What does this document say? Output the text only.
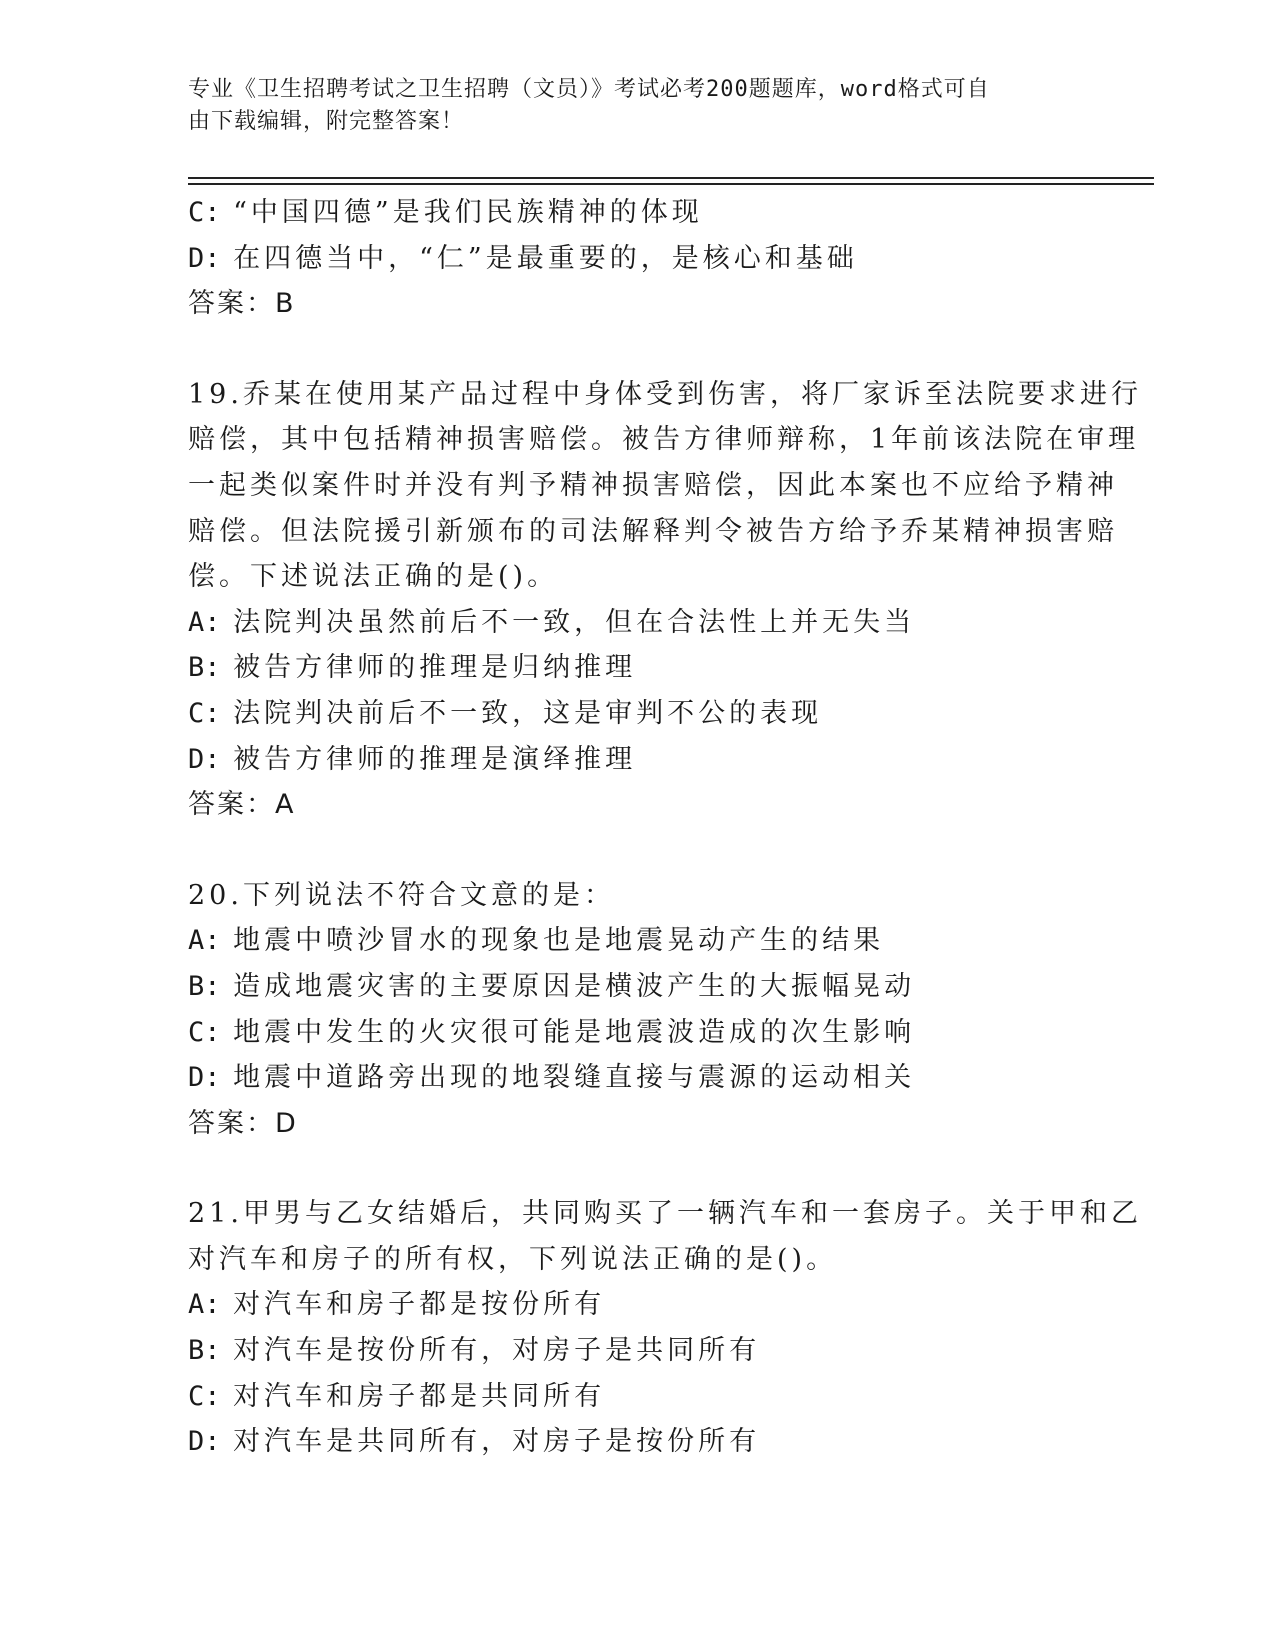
专业《卫生招聘考试之卫生招聘（文员）》考试必考200题题库，word格式可自
由下载编辑，附完整答案！
C: “中国四德”是我们民族精神的体现
D: 在四德当中，“仁”是最重要的，是核心和基础
答案：B
19.乔某在使用某产品过程中身体受到伤害，将厂家诉至法院要求进行
赔偿，其中包括精神损害赔偿。被告方律师辩称，1年前该法院在审理
一起类似案件时并没有判予精神损害赔偿，因此本案也不应给予精神
赔偿。但法院援引新颁布的司法解释判令被告方给予乔某精神损害赔
偿。下述说法正确的是()。
A: 法院判决虽然前后不一致，但在合法性上并无失当
B: 被告方律师的推理是归纳推理
C: 法院判决前后不一致，这是审判不公的表现
D: 被告方律师的推理是演绎推理
答案：A
20.下列说法不符合文意的是：
A: 地震中喷沙冒水的现象也是地震晃动产生的结果
B: 造成地震灾害的主要原因是横波产生的大振幅晃动
C: 地震中发生的火灾很可能是地震波造成的次生影响
D: 地震中道路旁出现的地裂缝直接与震源的运动相关
答案：D
21.甲男与乙女结婚后，共同购买了一辆汽车和一套房子。关于甲和乙
对汽车和房子的所有权，下列说法正确的是()。
A: 对汽车和房子都是按份所有
B: 对汽车是按份所有，对房子是共同所有
C: 对汽车和房子都是共同所有
D: 对汽车是共同所有，对房子是按份所有
